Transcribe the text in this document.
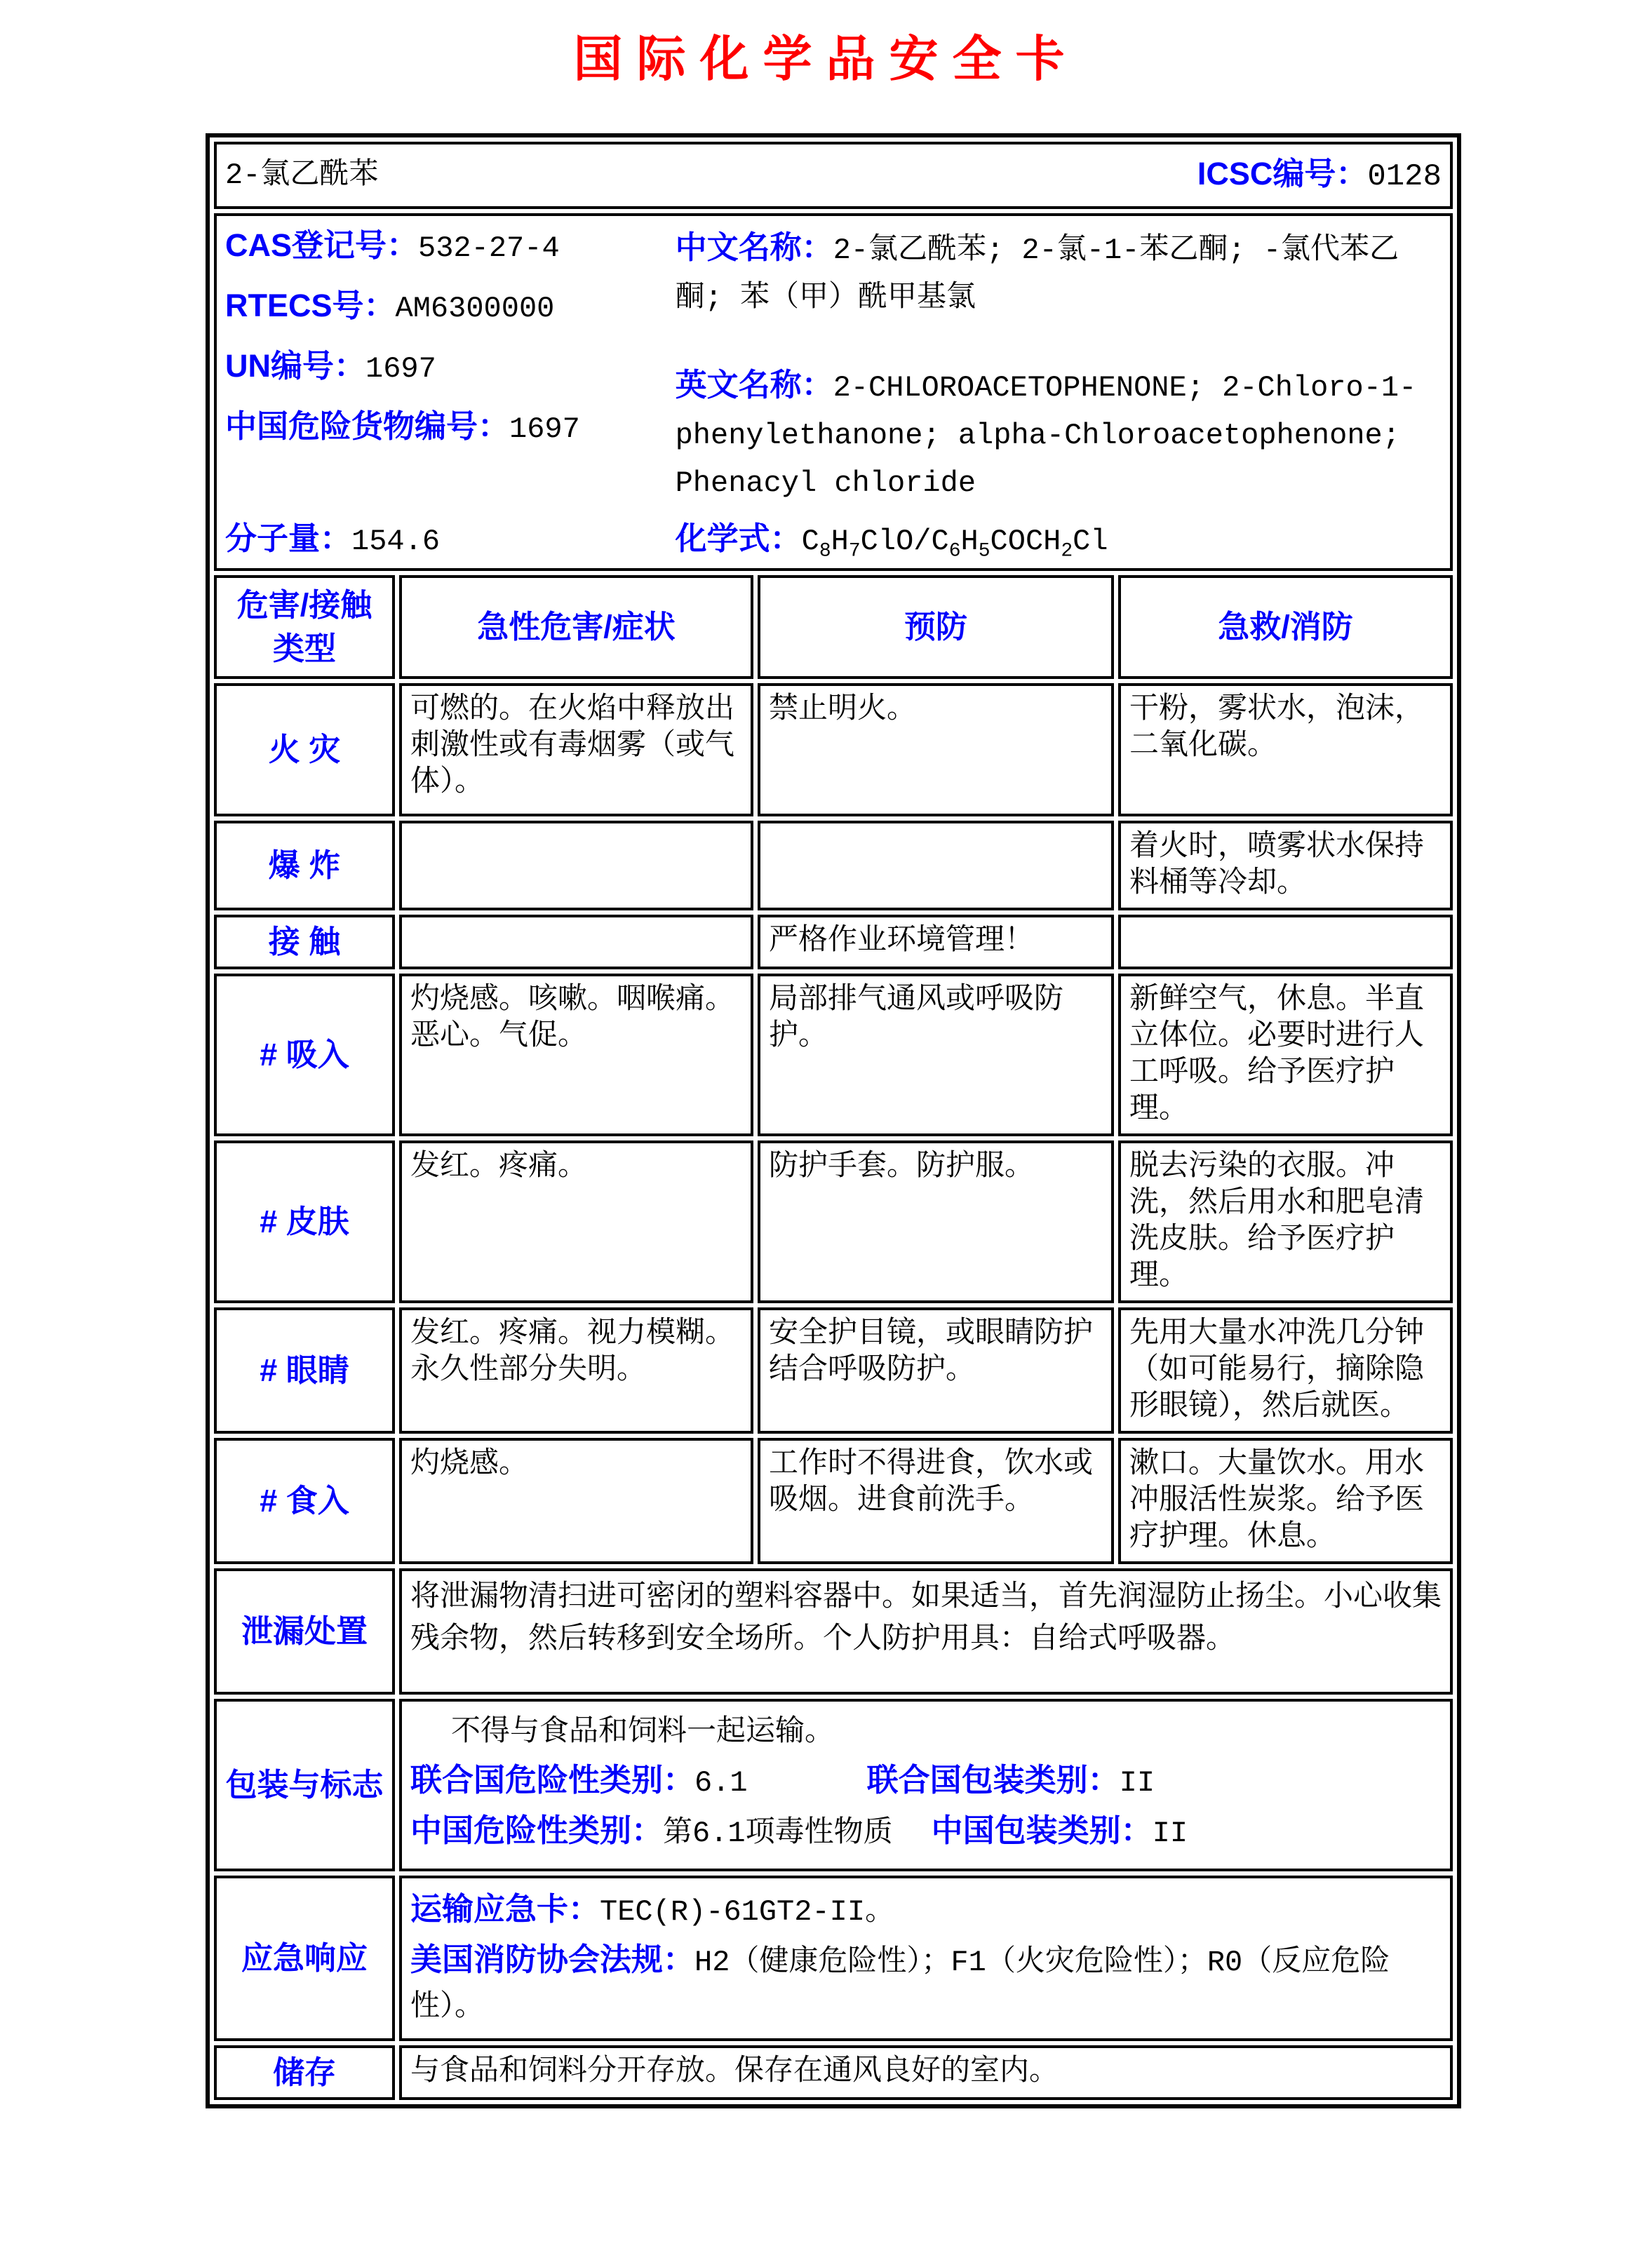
国际化学品安全卡
2-氯乙酰苯 ICSC编号：0128			

CAS登记号：532-27-4
RTECS号：AM6300000
UN编号：1697
中国危险货物编号：1697

中文名称：2-氯乙酰苯; 2-氯-1-苯乙酮; -氯代苯乙酮; 苯（甲）酰甲基氯

英文名称：2-CHLOROACETOPHENONE; 2-Chloro-1-phenylethanone; alpha-Chloroacetophenone; Phenacyl chloride

分子量：154.6	化学式：$C_8H_7ClO/C_6H_5COCH_2Cl$

危害/接触类型	急性危害/症状	预防	急救/消防
火 灾	可燃的。在火焰中释放出刺激性或有毒烟雾（或气体）。	禁止明火。	干粉，雾状水，泡沫，二氧化碳。
爆 炸			着火时，喷雾状水保持料桶等冷却。
接 触		严格作业环境管理！	
# 吸入	灼烧感。咳嗽。咽喉痛。恶心。气促。	局部排气通风或呼吸防护。	新鲜空气，休息。半直立体位。必要时进行人工呼吸。给予医疗护理。
# 皮肤	发红。疼痛。	防护手套。防护服。	脱去污染的衣服。冲洗，然后用水和肥皂清洗皮肤。给予医疗护理。
# 眼睛	发红。疼痛。视力模糊。永久性部分失明。	安全护目镜，或眼睛防护结合呼吸防护。	先用大量水冲洗几分钟（如可能易行，摘除隐形眼镜），然后就医。
# 食入	灼烧感。	工作时不得进食，饮水或吸烟。进食前洗手。	漱口。大量饮水。用水冲服活性炭浆。给予医疗护理。休息。
泄漏处置	将泄漏物清扫进可密闭的塑料容器中。如果适当，首先润湿防止扬尘。小心收集残余物，然后转移到安全场所。个人防护用具：自给式呼吸器。		
包装与标志	不得与食品和饲料一起运输。
联合国危险性类别：6.1 联合国包装类别：II
中国危险性类别：第6.1项毒性物质 中国包装类别：II		

应急响应	运输应急卡：TEC(R)-61GT2-II。
美国消防协会法规：H2（健康危险性）；F1（火灾危险性）；R0（反应危险性）。		

储存	与食品和饲料分开存放。保存在通风良好的室内。		
